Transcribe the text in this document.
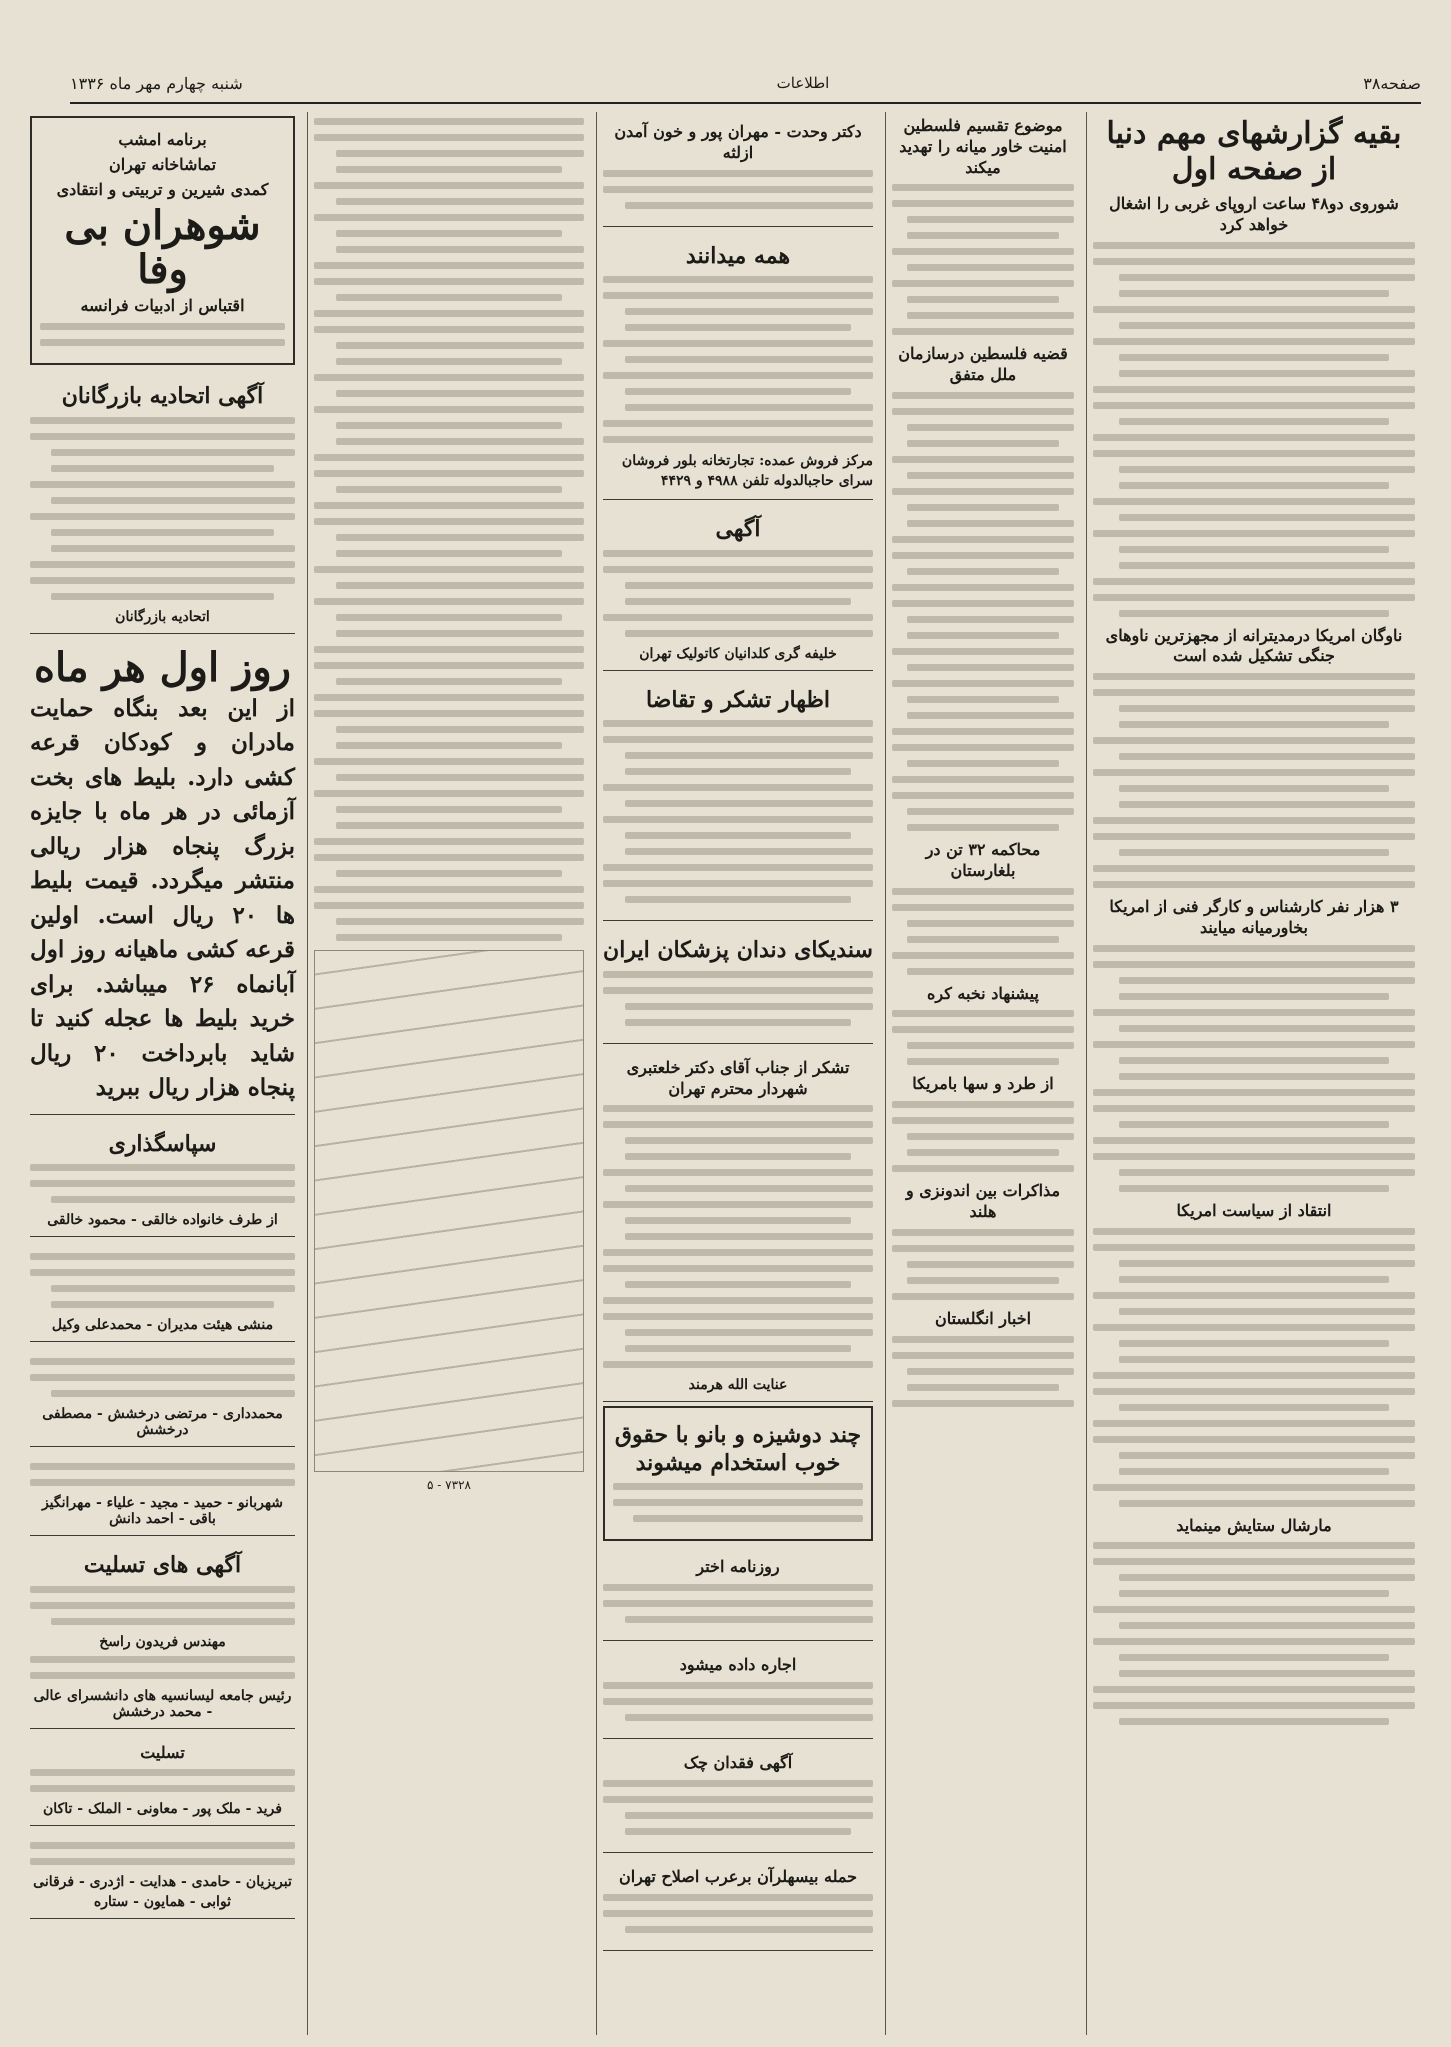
صفحه۳۸
اطلاعات
شنبه چهارم مهر ماه ۱۳۳۶
بقیه گزارشهای مهم دنیا از صفحه اول
شوروی دو۴۸ ساعت اروپای غربی را اشغال خواهد کرد
ناوگان امریکا درمدیترانه از مجهزترین ناوهای جنگی تشکیل شده است
۳ هزار نفر کارشناس و کارگر فنی از امریکا بخاورمیانه میایند
انتقاد از سیاست امریکا
مارشال ستایش مینماید
موضوع تقسیم فلسطین امنیت خاور میانه را تهدید میکند
قضیه فلسطین درسازمان ملل متفق
محاکمه ۳۲ تن در بلغارستان
پیشنهاد نخبه کره
از طرد و سها بامریکا
مذاکرات بین اندونزی و هلند
اخبار انگلستان
دکتر وحدت - مهران پور و خون آمدن ازلثه
همه میدانند
مرکز فروش عمده: تجارتخانه بلور فروشان سرای حاجبالدوله تلفن ۴۹۸۸ و ۴۴۲۹
آگهی
خلیفه گری کلدانیان کاتولیک تهران
اظهار تشکر و تقاضا
سندیکای دندان پزشکان ایران
تشکر از جناب آقای دکتر خلعتبری شهردار محترم تهران
عنایت الله هرمند
چند دوشیزه و بانو با حقوق خوب استخدام میشوند
روزنامه اختر
اجاره داده میشود
آگهی فقدان چک
حمله بیسهلرآن برعرب اصلاح تهران
۷۳۲۸ - ۵
برنامه امشب
تماشاخانه تهران
کمدی شیرین و تربیتی و انتقادی
شوهران بی وفا
اقتباس از ادبیات فرانسه
آگهی اتحادیه بازرگانان
اتحادیه بازرگانان
روز اول هر ماه
از این بعد بنگاه حمایت مادران و کودکان قرعه کشی دارد. بلیط های بخت آزمائی در هر ماه با جایزه بزرگ پنجاه هزار ریالی منتشر میگردد. قیمت بلیط ها ۲۰ ریال است. اولین قرعه کشی ماهیانه روز اول آبانماه ۲۶ میباشد. برای خرید بلیط ها عجله کنید تا شاید بابرداخت ۲۰ ریال پنجاه هزار ریال ببرید
سپاسگذاری
از طرف خانواده خالقی - محمود خالقی
منشی هیئت مدیران - محمدعلی وکیل
محمدداری - مرتضی درخشش - مصطفی درخشش
شهربانو - حمید - مجید - علیاء - مهرانگیز باقی - احمد دانش
آگهی های تسلیت
مهندس فریدون راسخ
رئیس جامعه لیسانسیه های دانشسرای عالی - محمد درخشش
تسلیت
فرید - ملک پور - معاونی - الملک - تاکان
تبریزیان - حامدی - هدایت - اژدری - فرقانی
ثوابی - همایون - ستاره
